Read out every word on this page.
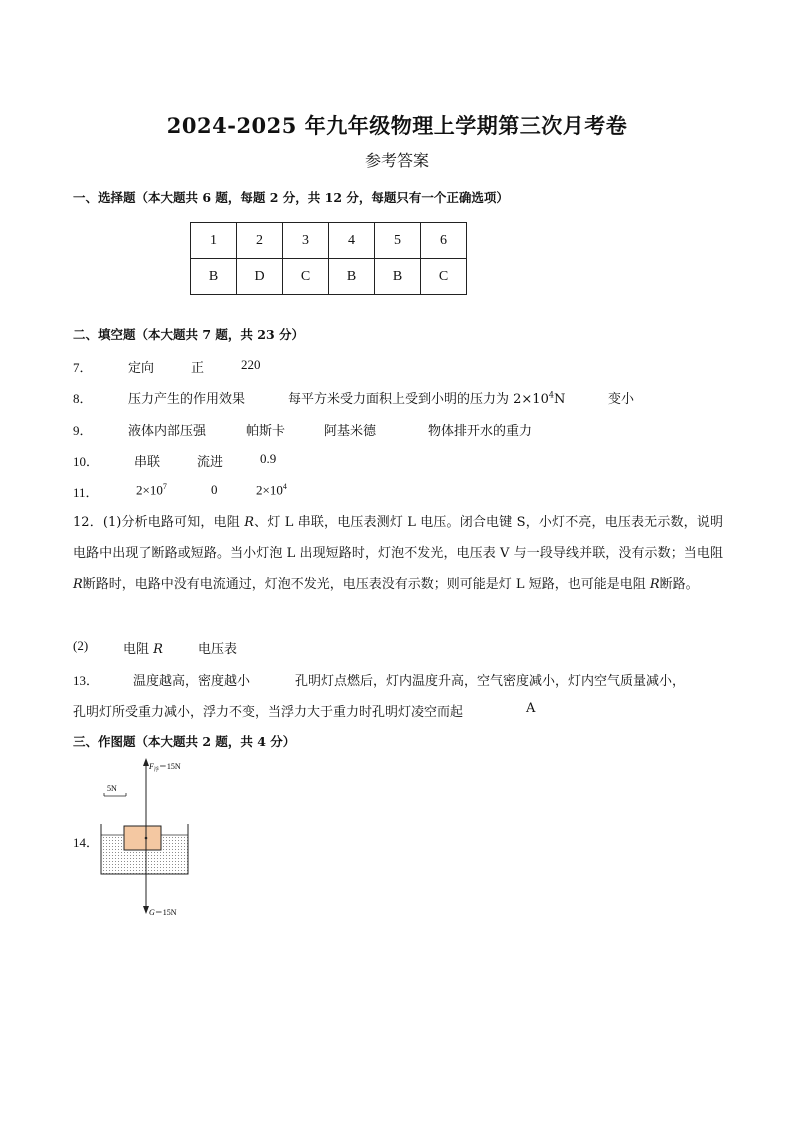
2024-2025 年九年级物理上学期第三次月考卷
参考答案
一、选择题（本大题共 6 题，每题 2 分，共 12 分，每题只有一个正确选项）
1	2	3	4	5	6
B	D	C	B	B	C
二、填空题（本大题共 7 题，共 23 分）
7．	定向	正	220
8．	压力产生的作用效果	每平方米受力面积上受到小明的压力为 $2\times 10^4N$	变小
9．	液体内部压强	帕斯卡	阿基米德	物体排开水的重力
10．	串联	流进	0.9
11．	$2\times 10^7$	0	$2\times 10^4$
12．(1)分析电路可知，电阻 R、灯 L 串联，电压表测灯 L 电压。闭合电键 S，小灯不亮，电压表无示数，说明电路中出现了断路或短路。当小灯泡 L 出现短路时，灯泡不发光，电压表 V 与一段导线并联，没有示数；当电阻 R断路时，电路中没有电流通过，灯泡不发光，电压表没有示数；则可能是灯 L 短路，也可能是电阻 R断路。
(2)	电阻 R	电压表
13．	温度越高，密度越小	孔明灯点燃后，灯内温度升高，空气密度减小，灯内空气质量减小，
孔明灯所受重力减小，浮力不变，当浮力大于重力时孔明灯凌空而起	A
三、作图题（本大题共 2 题，共 4 分）
14．
5N
$F_浮=15N$
G＝15N
